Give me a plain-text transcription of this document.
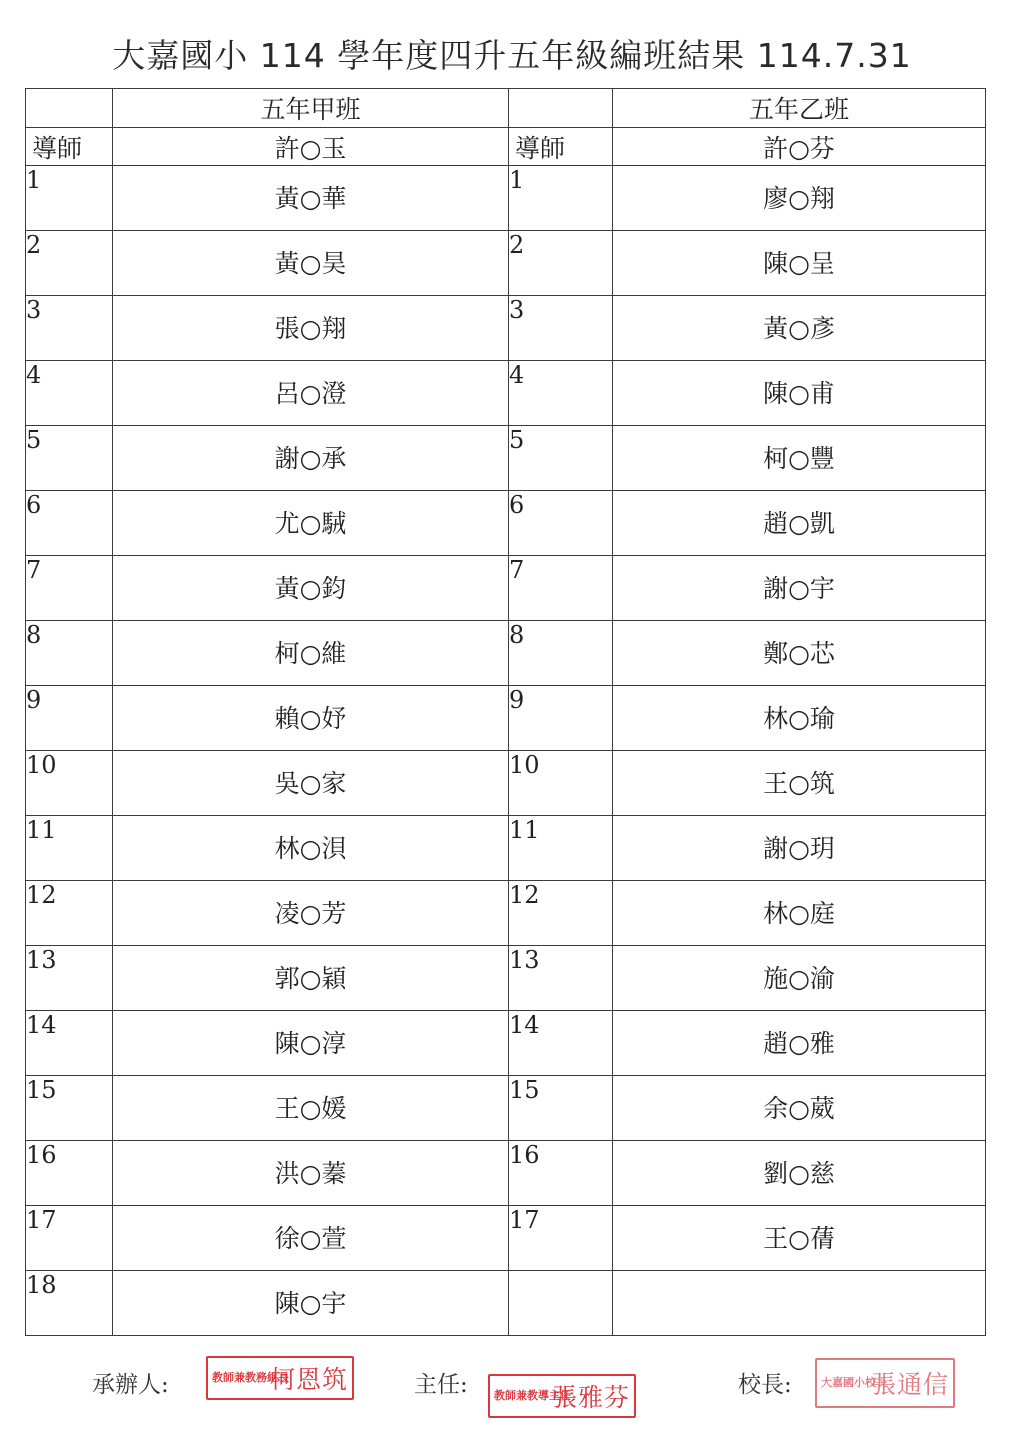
大嘉國小 114 學年度四升五年級編班結果 114.7.31
	五年甲班		五年乙班
導師	許○玉	導師	許○芬

1	黃○華	1	廖○翔

2	黃○昊	2	陳○呈

3	張○翔	3	黃○彥

4	呂○澄	4	陳○甫

5	謝○承	5	柯○豐

6	尤○駥	6	趙○凱

7	黃○鈞	7	謝○宇

8	柯○維	8	鄭○芯

9	賴○妤	9	林○瑜

10	吳○家	10	王○筑

11	林○浿	11	謝○玥

12	凌○芳	12	林○庭

13	郭○穎	13	施○渝

14	陳○淳	14	趙○雅

15	王○媛	15	余○葳

16	洪○蓁	16	劉○慈

17	徐○萱	17	王○蒨

18	陳○宇		

承辦人:	教師兼教務組長
柯恩筑	主任: 教師兼教導主任
張雅芬	校長:	大嘉國小校長
張通信
